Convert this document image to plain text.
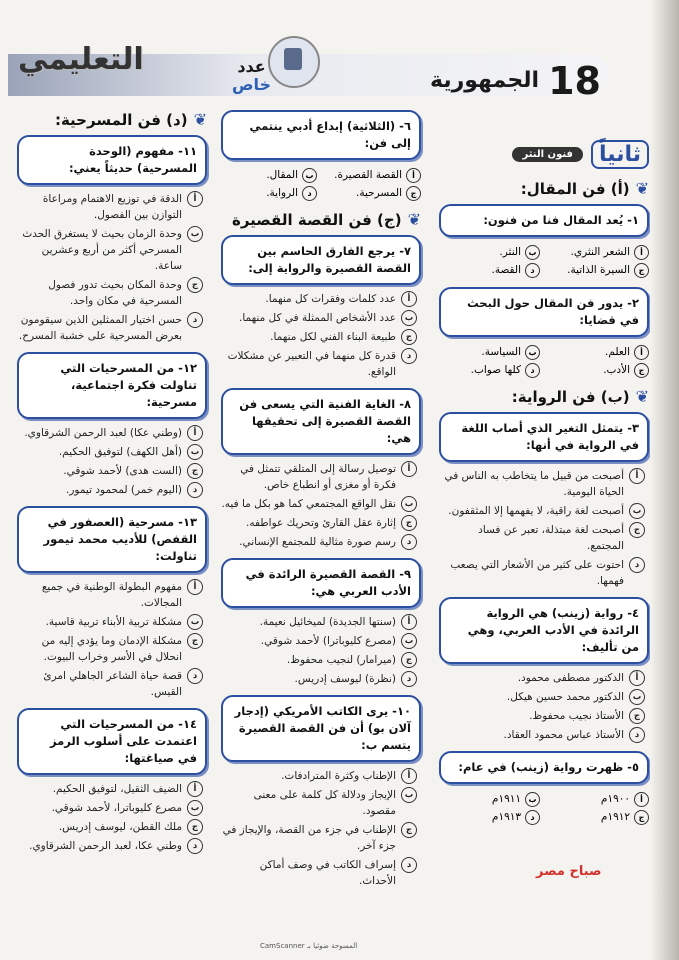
18
الجمهورية
عدد
خاص
التعليمي
ثانياً
فنون النثر
❦
(أ) فن المقال:
١- يُعد المقال فنا من فنون:
أ
الشعر النثري.
ب
النثر.
ج
السيرة الذاتية.
د
القصة.
٢- يدور فن المقال حول البحث في قضايا:
أ
العلم.
ب
السياسة.
ج
الأدب.
د
كلها صواب.
❦
(ب) فن الرواية:
٣- يتمثل التغير الذي أصاب اللغة في الرواية في أنها:
أ
أصبحت من قبيل ما يتخاطب به الناس في الحياة اليومية.
ب
أصبحت لغة راقية، لا يفهمها إلا المثقفون.
ج
أصبحت لغة مبتذلة، تعبر عن فساد المجتمع.
د
احتوت على كثير من الأشعار التي يصعب فهمها.
٤- رواية (زينب) هي الرواية الرائدة في الأدب العربي، وهي من تأليف:
أ
الدكتور مصطفى محمود.
ب
الدكتور محمد حسين هيكل.
ج
الأستاذ نجيب محفوظ.
د
الأستاذ عباس محمود العقاد.
٥- ظهرت رواية (زينب) في عام:
أ
١٩٠٠م
ب
١٩١١م
ج
١٩١٢م
د
١٩١٣م
٦- (الثلاثية) إبداع أدبي ينتمي إلى فن:
أ
القصة القصيرة.
ب
المقال.
ج
المسرحية.
د
الرواية.
❦
(ج) فن القصة القصيرة
٧- يرجع الفارق الحاسم بين القصة القصيرة والرواية إلى:
أ
عدد كلمات وفقرات كل منهما.
ب
عدد الأشخاص الممثلة في كل منهما.
ج
طبيعة البناء الفني لكل منهما.
د
قدرة كل منهما في التعبير عن مشكلات الواقع.
٨- الغاية الفنية التي يسعى فن القصة القصيرة إلى تحقيقها هي:
أ
توصيل رسالة إلى المتلقي تتمثل في فكرة أو مغزى أو انطباع خاص.
ب
نقل الواقع المجتمعي كما هو بكل ما فيه.
ج
إثارة عقل القارئ وتحريك عواطفه.
د
رسم صورة مثالية للمجتمع الإنساني.
٩- القصة القصيرة الرائدة في الأدب العربي هي:
أ
(سنتها الجديدة) لميخائيل نعيمة.
ب
(مصرع كليوباترا) لأحمد شوقي.
ج
(ميرامار) لنجيب محفوظ.
د
(نظرة) ليوسف إدريس.
١٠- يرى الكاتب الأمريكي (إدجار آلان بو) أن فن القصة القصيرة يتسم ب:
أ
الإطناب وكثرة المترادفات.
ب
الإيجاز ودلالة كل كلمة على معنى مقصود.
ج
الإطناب في جزء من القصة، والإيجاز في جزء آخر.
د
إسراف الكاتب في وصف أماكن الأحداث.
❦
(د) فن المسرحية:
١١- مفهوم (الوحدة المسرحية) حديثاً يعني:
أ
الدقة في توزيع الاهتمام ومراعاة التوازن بين الفصول.
ب
وحدة الزمان بحيث لا يستغرق الحدث المسرحي أكثر من أربع وعشرين ساعة.
ج
وحدة المكان بحيث تدور فصول المسرحية في مكان واحد.
د
حسن اختيار الممثلين الذين سيقومون بعرض المسرحية على خشبة المسرح.
١٢- من المسرحيات التي تناولت فكرة اجتماعية، مسرحية:
أ
(وطني عكا) لعبد الرحمن الشرقاوي.
ب
(أهل الكهف) لتوفيق الحكيم.
ج
(الست هدى) لأحمد شوقي.
د
(اليوم خمر) لمحمود تيمور.
١٣- مسرحية (العصفور في القفص) للأديب محمد تيمور تناولت:
أ
مفهوم البطولة الوطنية في جميع المجالات.
ب
مشكلة تربية الأبناء تربية قاسية.
ج
مشكلة الإدمان وما يؤدي إليه من انحلال في الأسر وخراب البيوت.
د
قصة حياة الشاعر الجاهلي امرئ القيس.
١٤- من المسرحيات التي اعتمدت على أسلوب الرمز في صياغتها:
أ
الضيف الثقيل، لتوفيق الحكيم.
ب
مصرع كليوباترا، لأحمد شوقي.
ج
ملك القطن، ليوسف إدريس.
د
وطني عكا، لعبد الرحمن الشرقاوي.
صباح مصر
CamScanner المسوحة ضوئيا بـ
